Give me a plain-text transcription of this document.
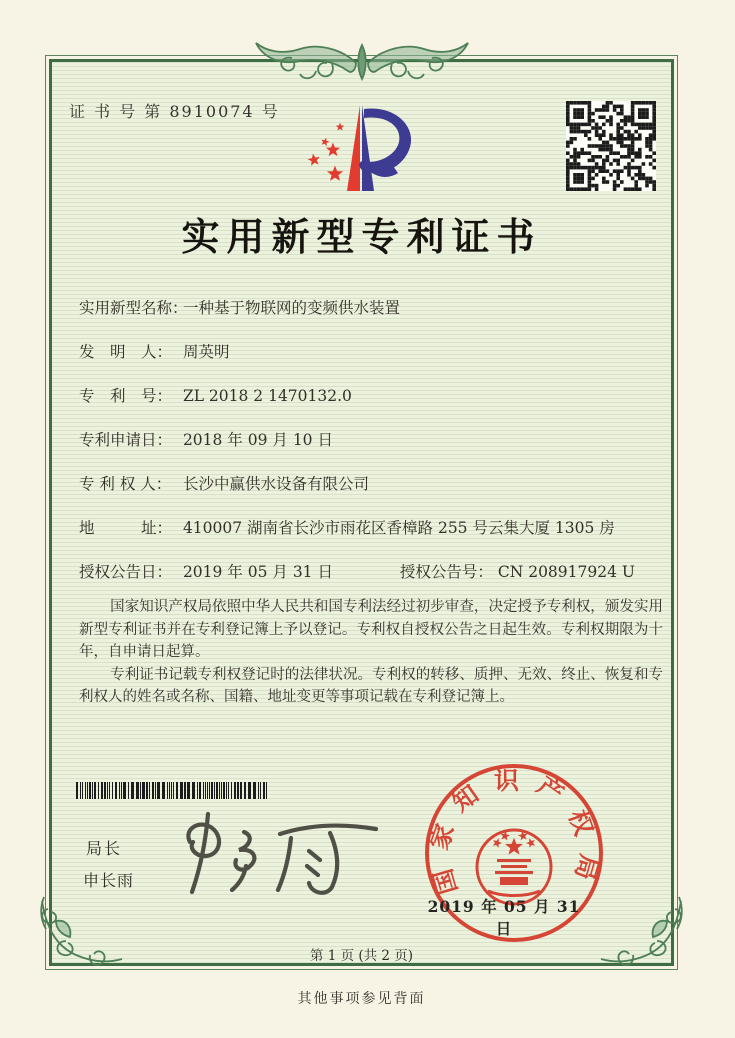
证 书 号 第 8910074 号
实用新型专利证书
实用新型名称： 一种基于物联网的变频供水装置
发　明　人： 周英明
专　利　号： ZL 2018 2 1470132.0
专利申请日： 2018 年 09 月 10 日
专 利 权 人： 长沙中赢供水设备有限公司
地　　　址： 410007 湖南省长沙市雨花区香樟路 255 号云集大厦 1305 房
授权公告日： 2019 年 05 月 31 日	授权公告号： CN 208917924 U

国家知识产权局依照中华人民共和国专利法经过初步审查，决定授予专利权，颁发实用新型专利证书并在专利登记簿上予以登记。专利权自授权公告之日起生效。专利权期限为十年，自申请日起算。

专利证书记载专利权登记时的法律状况。专利权的转移、质押、无效、终止、恢复和专利权人的姓名或名称、国籍、地址变更等事项记载在专利登记簿上。

局长
申长雨	国家知识产权局
2019 年 05 月 31 日
第 1 页 (共 2 页)
其他事项参见背面
